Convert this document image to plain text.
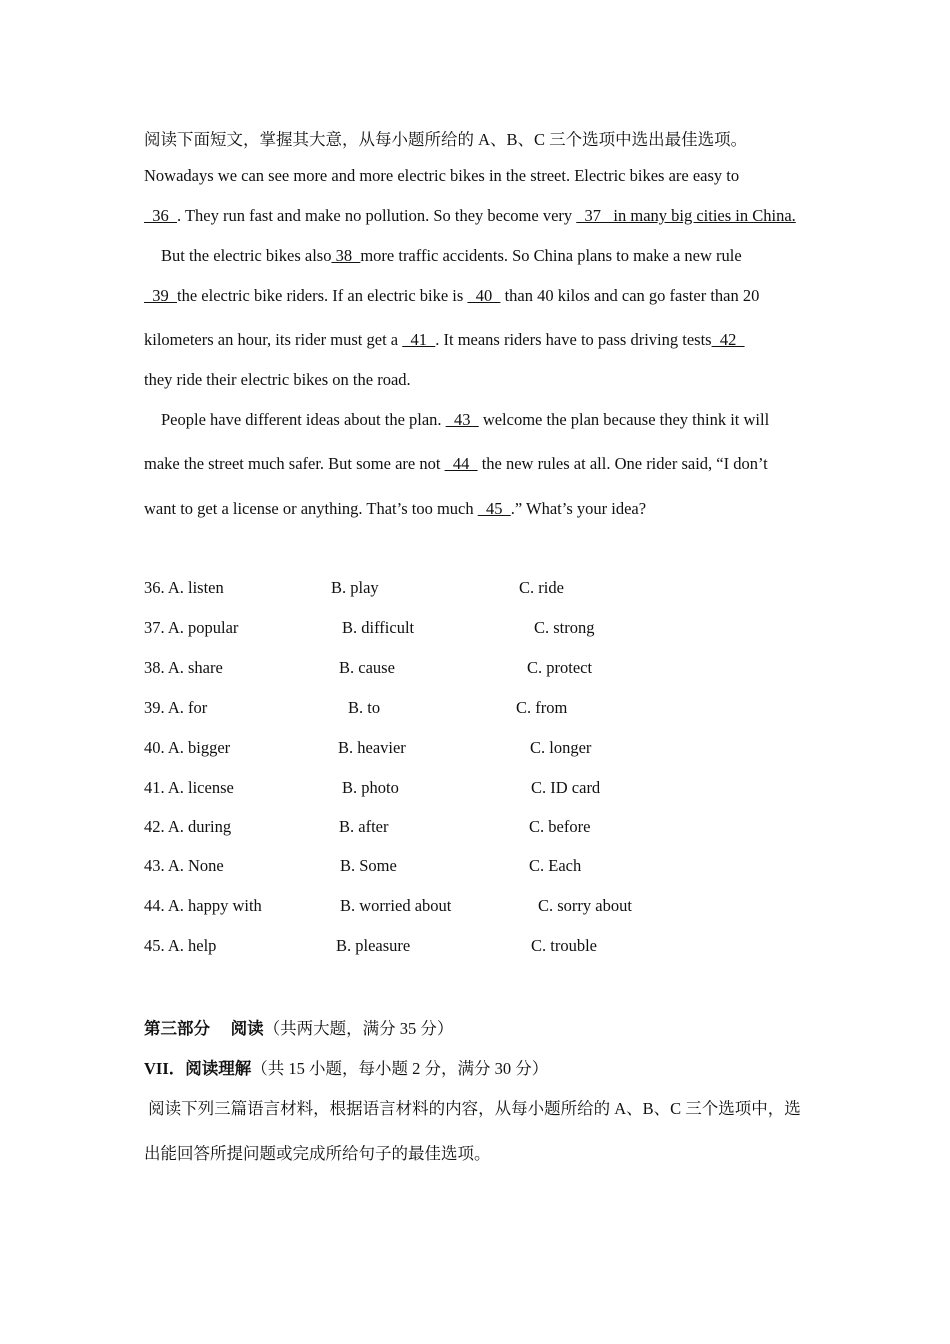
阅读下面短文，掌握其大意，从每小题所给的 A、B、C 三个选项中选出最佳选项。
Nowadays we can see more and more electric bikes in the street. Electric bikes are easy to
36  . They run fast and make no pollution. So they become very   37   in many big cities in China.
But the electric bikes also 38  more traffic accidents. So China plans to make a new rule
39  the electric bike riders. If an electric bike is   40   than 40 kilos and can go faster than 20
kilometers an hour, its rider must get a   41  . It means riders have to pass driving tests  42
they ride their electric bikes on the road.
People have different ideas about the plan.   43   welcome the plan because they think it will
make the street much safer. But some are not   44   the new rules at all. One rider said, “I don’t
want to get a license or anything. That’s too much   45  .” What’s your idea?
36. A. listen	B. play	C. ride
37. A. popular	B. difficult	C. strong
38. A. share	B. cause	C. protect
39. A. for	B. to	C. from
40. A. bigger	B. heavier	C. longer
41. A. license	B. photo	C. ID card
42. A. during	B. after	C. before
43. A. None	B. Some	C. Each
44. A. happy with	B. worried about	C. sorry about
45. A. help	B. pleasure	C. trouble
第三部分　 阅读（共两大题，满分 35 分）
VII．阅读理解（共 15 小题，每小题 2 分，满分 30 分）
阅读下列三篇语言材料，根据语言材料的内容，从每小题所给的 A、B、C 三个选项中，选
出能回答所提问题或完成所给句子的最佳选项。
